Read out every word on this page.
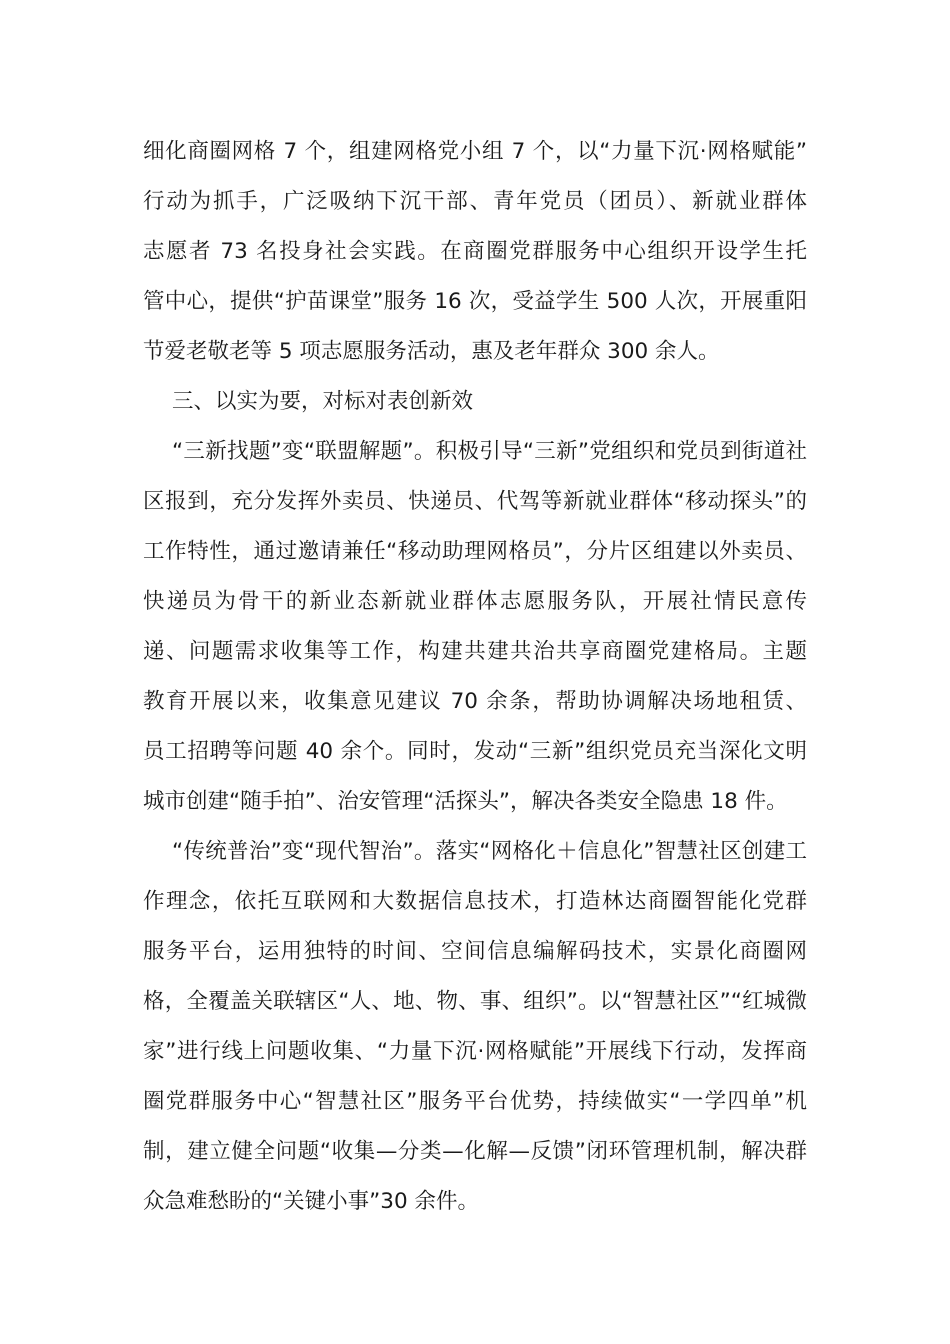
细化商圈网格 7 个，组建网格党小组 7 个，以“力量下沉·网格赋能”
行动为抓手，广泛吸纳下沉干部、青年党员（团员）、新就业群体
志愿者 73 名投身社会实践。在商圈党群服务中心组织开设学生托
管中心，提供“护苗课堂”服务 16 次，受益学生 500 人次，开展重阳
节爱老敬老等 5 项志愿服务活动，惠及老年群众 300 余人。
三、以实为要，对标对表创新效
“三新找题”变“联盟解题”。积极引导“三新”党组织和党员到街道社
区报到，充分发挥外卖员、快递员、代驾等新就业群体“移动探头”的
工作特性，通过邀请兼任“移动助理网格员”，分片区组建以外卖员、
快递员为骨干的新业态新就业群体志愿服务队，开展社情民意传
递、问题需求收集等工作，构建共建共治共享商圈党建格局。主题
教育开展以来，收集意见建议 70 余条，帮助协调解决场地租赁、
员工招聘等问题 40 余个。同时，发动“三新”组织党员充当深化文明
城市创建“随手拍”、治安管理“活探头”，解决各类安全隐患 18 件。
“传统普治”变“现代智治”。落实“网格化＋信息化”智慧社区创建工
作理念，依托互联网和大数据信息技术，打造林达商圈智能化党群
服务平台，运用独特的时间、空间信息编解码技术，实景化商圈网
格，全覆盖关联辖区“人、地、物、事、组织”。以“智慧社区”“红城微
家”进行线上问题收集、“力量下沉·网格赋能”开展线下行动，发挥商
圈党群服务中心“智慧社区”服务平台优势，持续做实“一学四单”机
制，建立健全问题“收集—分类—化解—反馈”闭环管理机制，解决群
众急难愁盼的“关键小事”30 余件。
